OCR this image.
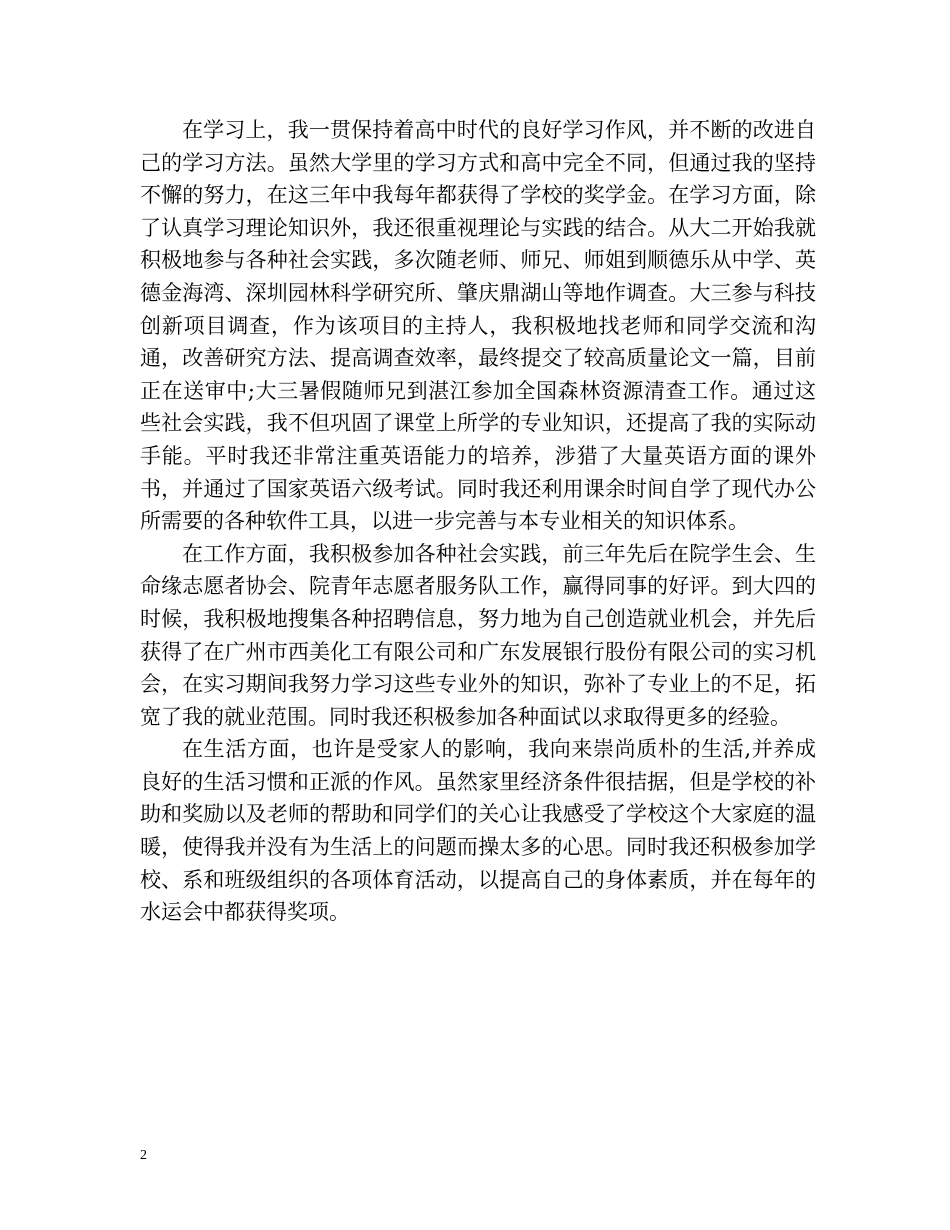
在学习上，我一贯保持着高中时代的良好学习作风，并不断的改进自己的学习方法。虽然大学里的学习方式和高中完全不同，但通过我的坚持不懈的努力，在这三年中我每年都获得了学校的奖学金。在学习方面，除了认真学习理论知识外，我还很重视理论与实践的结合。从大二开始我就积极地参与各种社会实践，多次随老师、师兄、师姐到顺德乐从中学、英德金海湾、深圳园林科学研究所、肇庆鼎湖山等地作调查。大三参与科技创新项目调查，作为该项目的主持人，我积极地找老师和同学交流和沟通，改善研究方法、提高调查效率，最终提交了较高质量论文一篇，目前正在送审中;大三暑假随师兄到湛江参加全国森林资源清查工作。通过这些社会实践，我不但巩固了课堂上所学的专业知识，还提高了我的实际动手能。平时我还非常注重英语能力的培养，涉猎了大量英语方面的课外书，并通过了国家英语六级考试。同时我还利用课余时间自学了现代办公所需要的各种软件工具，以进一步完善与本专业相关的知识体系。

在工作方面，我积极参加各种社会实践，前三年先后在院学生会、生命缘志愿者协会、院青年志愿者服务队工作，赢得同事的好评。到大四的时候，我积极地搜集各种招聘信息，努力地为自己创造就业机会，并先后获得了在广州市西美化工有限公司和广东发展银行股份有限公司的实习机会，在实习期间我努力学习这些专业外的知识，弥补了专业上的不足，拓宽了我的就业范围。同时我还积极参加各种面试以求取得更多的经验。

在生活方面，也许是受家人的影响，我向来崇尚质朴的生活,并养成良好的生活习惯和正派的作风。虽然家里经济条件很拮据，但是学校的补助和奖励以及老师的帮助和同学们的关心让我感受了学校这个大家庭的温暖，使得我并没有为生活上的问题而操太多的心思。同时我还积极参加学校、系和班级组织的各项体育活动，以提高自己的身体素质，并在每年的水运会中都获得奖项。

2
